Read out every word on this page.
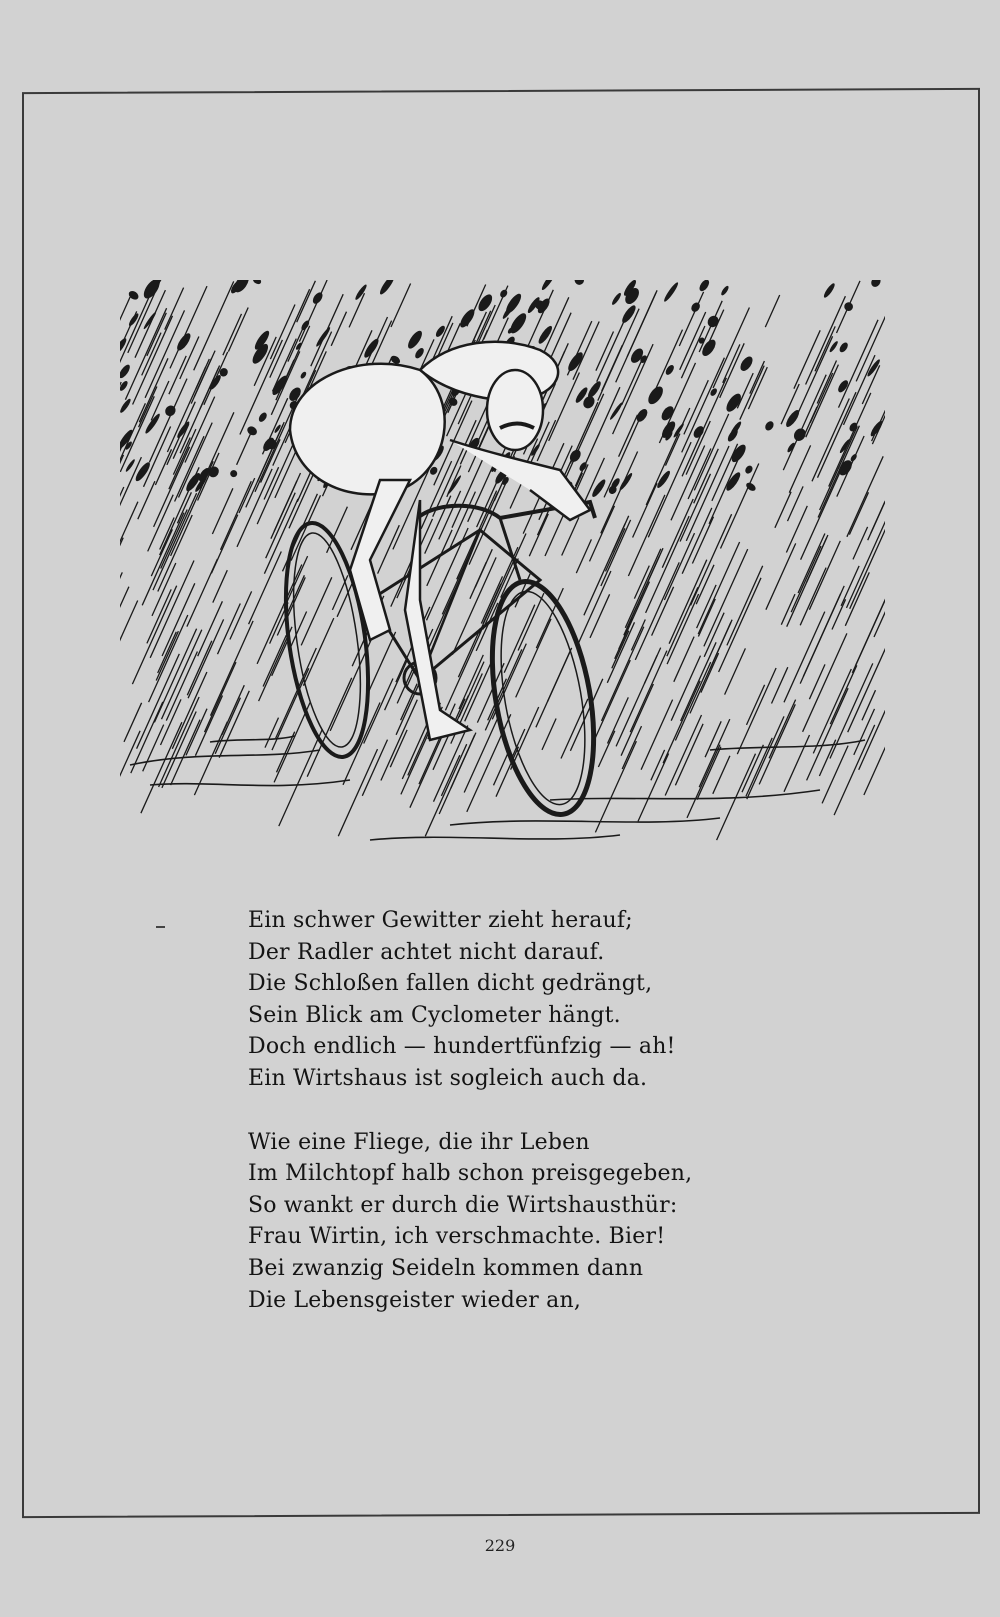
Ein schwer Gewitter zieht herauf;
Der Radler achtet nicht darauf.
Die Schloßen fallen dicht gedrängt,
Sein Blick am Cyclometer hängt.
Doch endlich — hundertfünfzig — ah!
Ein Wirtshaus ist sogleich auch da.
Wie eine Fliege, die ihr Leben
Im Milchtopf halb schon preisgegeben,
So wankt er durch die Wirtshausthür:
Frau Wirtin, ich verschmachte. Bier!
Bei zwanzig Seideln kommen dann
Die Lebensgeister wieder an,
229
